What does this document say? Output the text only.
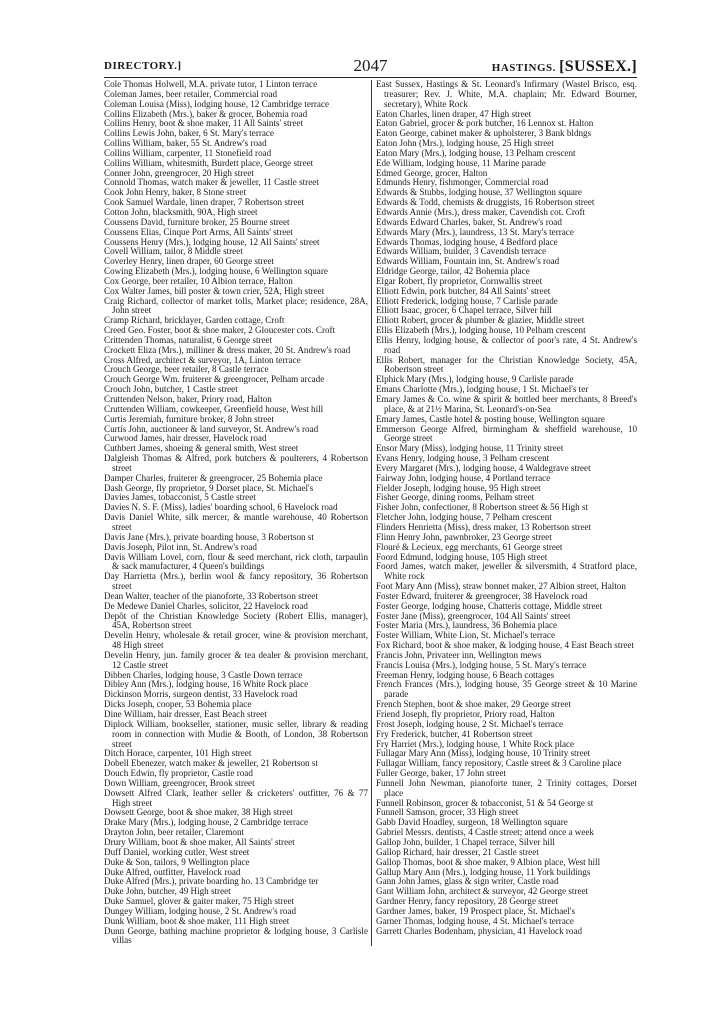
DIRECTORY.]	2047	HASTINGS. [SUSSEX.]
Cole Thomas Holwell, M.A. private tutor, 1 Linton terrace
Coleman James, beer retailer, Commercial road
Coleman Louisa (Miss), lodging house, 12 Cambridge terrace
Collins Elizabeth (Mrs.), baker & grocer, Bohemia road
Collins Henry, boot & shoe maker, 11 All Saints' street
Collins Lewis John, baker, 6 St. Mary's terrace
Collins William, baker, 55 St. Andrew's road
Collins William, carpenter, 11 Stonefield road
Collins William, whitesmith, Burdett place, George street
Conner John, greengrocer, 20 High street
Connold Thomas, watch maker & jeweller, 11 Castle street
Cook John Henry, baker, 8 Stone street
Cook Samuel Wardale, linen draper, 7 Robertson street
Cotton John, blacksmith, 90A, High street
Coussens David, furniture broker, 25 Bourne street
Coussens Elias, Cinque Port Arms, All Saints' street
Coussens Henry (Mrs.), lodging house, 12 All Saints' street
Covell William, tailor, 8 Middle street
Coverley Henry, linen draper, 60 George street
Cowing Elizabeth (Mrs.), lodging house, 6 Wellington square
Cox George, beer retailer, 10 Albion terrace, Halton
Cox Walter James, bill poster & town crier, 52A, High street
Craig Richard, collector of market tolls, Market place; residence, 28A, John street
Cramp Richard, bricklayer, Garden cottage, Croft
Creed Geo. Foster, boot & shoe maker, 2 Gloucester cots. Croft
Crittenden Thomas, naturalist, 6 George street
Crockett Eliza (Mrs.), milliner & dress maker, 20 St. Andrew's road
Cross Alfred, architect & surveyor, 1A, Linton terrace
Crouch George, beer retailer, 8 Castle terrace
Crouch George Wm. fruiterer & greengrocer, Pelham arcade
Crouch John, butcher, 1 Castle street
Cruttenden Nelson, baker, Priory road, Halton
Cruttenden William, cowkeeper, Greenfield house, West hill
Curtis Jeremiah, furniture broker, 8 John street
Curtis John, auctioneer & land surveyor, St. Andrew's road
Curwood James, hair dresser, Havelock road
Cuthbert James, shoeing & general smith, West street
Dalgleish Thomas & Alfred, pork butchers & poulterers, 4 Robertson street
Damper Charles, fruiterer & greengrocer, 25 Bohemia place
Dash George, fly proprietor, 9 Dorset place, St. Michael's
Davies James, tobacconist, 5 Castle street
Davies N. S. F. (Miss), ladies' boarding school, 6 Havelock road
Davis Daniel White, silk mercer, & mantle warehouse, 40 Robertson street
Davis Jane (Mrs.), private boarding house, 3 Robertson st
Davis Joseph, Pilot inn, St. Andrew's road
Davis William Lovel, corn, flour & seed merchant, rick cloth, tarpaulin & sack manufacturer, 4 Queen's buildings
Day Harrietta (Mrs.), berlin wool & fancy repository, 36 Robertson street
Dean Walter, teacher of the pianoforte, 33 Robertson street
De Medewe Daniel Charles, solicitor, 22 Havelock road
Depôt of the Christian Knowledge Society (Robert Ellis, manager), 45A, Robertson street
Develin Henry, wholesale & retail grocer, wine & provision merchant, 48 High street
Develin Henry, jun. family grocer & tea dealer & provision merchant, 12 Castle street
Dibben Charles, lodging house, 3 Castle Down terrace
Dibley Ann (Mrs.), lodging house, 16 White Rock place
Dickinson Morris, surgeon dentist, 33 Havelock road
Dicks Joseph, cooper, 53 Bohemia place
Dine William, hair dresser, East Beach street
Diplock William, bookseller, stationer, music seller, library & reading room in connection with Mudie & Booth, of London, 38 Robertson street
Ditch Horace, carpenter, 101 High street
Dobell Ebenezer, watch maker & jeweller, 21 Robertson st
Douch Edwin, fly proprietor, Castle road
Down William, greengrocer, Brook street
Dowsett Alfred Clark, leather seller & cricketers' outfitter, 76 & 77 High street
Dowsett George, boot & shoe maker, 38 High street
Drake Mary (Mrs.), lodging house, 2 Cambridge terrace
Drayton John, beer retailer, Claremont
Drury William, boot & shoe maker, All Saints' street
Duff Daniel, working cutler, West street
Duke & Son, tailors, 9 Wellington place
Duke Alfred, outfitter, Havelock road
Duke Alfred (Mrs.), private boarding ho. 13 Cambridge ter
Duke John, butcher, 49 High street
Duke Samuel, glover & gaiter maker, 75 High street
Dungey William, lodging house, 2 St. Andrew's road
Dunk William, boot & shoe maker, 111 High street
Dunn George, bathing machine proprietor & lodging house, 3 Carlisle villas
East Sussex, Hastings & St. Leonard's Infirmary (Wastel Brisco, esq. treasurer; Rev. J. White, M.A. chaplain; Mr. Edward Bourner, secretary), White Rock
Eaton Charles, linen draper, 47 High street
Eaton Gabriel, grocer & pork butcher, 16 Lennox st. Halton
Eaton George, cabinet maker & upholsterer, 3 Bank bldngs
Eaton John (Mrs.), lodging house, 25 High street
Eaton Mary (Mrs.), lodging house, 13 Pelham crescent
Ede William, lodging house, 11 Marine parade
Edmed George, grocer, Halton
Edmunds Henry, fishmonger, Commercial road
Edwards & Stubbs, lodging house, 37 Wellington square
Edwards & Todd, chemists & druggists, 16 Robertson street
Edwards Annie (Mrs.), dress maker, Cavendish cot. Croft
Edwards Edward Charles, baker, St. Andrew's road
Edwards Mary (Mrs.), laundress, 13 St. Mary's terrace
Edwards Thomas, lodging house, 4 Bedford place
Edwards William, builder, 3 Cavendish terrace
Edwards William, Fountain inn, St. Andrew's road
Eldridge George, tailor, 42 Bohemia place
Elgar Robert, fly proprietor, Cornwallis street
Elliott Edwin, pork butcher, 84 All Saints' street
Elliott Frederick, lodging house, 7 Carlisle parade
Elliott Isaac, grocer, 6 Chapel terrace, Silver hill
Elliott Robert, grocer & plumber & glazier, Middle street
Ellis Elizabeth (Mrs.), lodging house, 10 Pelham crescent
Ellis Henry, lodging house, & collector of poor's rate, 4 St. Andrew's road
Ellis Robert, manager for the Christian Knowledge Society, 45A, Robertson street
Elphick Mary (Mrs.), lodging house, 9 Carlisle parade
Emans Charlotte (Mrs.), lodging house, 1 St. Michael's ter
Emary James & Co. wine & spirit & bottled beer merchants, 8 Breed's place, & at 21½ Marina, St. Leonard's-on-Sea
Emary James, Castle hotel & posting house, Wellington square
Emmerson George Alfred, birmingham & sheffield warehouse, 10 George street
Ensor Mary (Miss), lodging house, 11 Trinity street
Evans Henry, lodging house, 3 Pelham crescent
Every Margaret (Mrs.), lodging house, 4 Waldegrave street
Fairway John, lodging house, 4 Portland terrace
Fielder Joseph, lodging house, 95 High street
Fisher George, dining rooms, Pelham street
Fisher John, confectioner, 8 Robertson street & 56 High st
Fletcher John, lodging house, 7 Pelham crescent
Flinders Henrietta (Miss), dress maker, 13 Robertson street
Flinn Henry John, pawnbroker, 23 George street
Flouré & Lecieux, egg merchants, 61 George street
Foord Edmund, lodging house, 105 High street
Foord James, watch maker, jeweller & silversmith, 4 Stratford place, White rock
Foot Mary Ann (Miss), straw bonnet maker, 27 Albion street, Halton
Foster Edward, fruiterer & greengrocer, 38 Havelock road
Foster George, lodging house, Chatteris cottage, Middle street
Foster Jane (Miss), greengrocer, 104 All Saints' street
Foster Maria (Mrs.), laundress, 36 Bohemia place
Foster William, White Lion, St. Michael's terrace
Fox Richard, boot & shoe maker, & lodging house, 4 East Beach street
Francis John, Privateer inn, Wellington mews
Francis Louisa (Mrs.), lodging house, 5 St. Mary's terrace
Freeman Henry, lodging house, 6 Beach cottages
French Frances (Mrs.), lodging house, 35 George street & 10 Marine parade
French Stephen, boot & shoe maker, 29 George street
Friend Joseph, fly proprietor, Priory road, Halton
Frost Joseph, lodging house, 2 St. Michael's terrace
Fry Frederick, butcher, 41 Robertson street
Fry Harriet (Mrs.), lodging house, 1 White Rock place
Fullagar Mary Ann (Miss), lodging house, 10 Trinity street
Fullagar William, fancy repository, Castle street & 3 Caroline place
Fuller George, baker, 17 John street
Funnell John Newman, pianoforte tuner, 2 Trinity cottages, Dorset place
Funnell Robinson, grocer & tobacconist, 51 & 54 George st
Funnell Samson, grocer, 33 High street
Gabb David Hoadley, surgeon, 18 Wellington square
Gabriel Messrs. dentists, 4 Castle street; attend once a week
Gallop John, builder, 1 Chapel terrace, Silver hill
Gallop Richard, hair dresser, 21 Castle street
Gallop Thomas, boot & shoe maker, 9 Albion place, West hill
Gallup Mary Ann (Mrs.), lodging house, 11 York buildings
Gann John James, glass & sign writer, Castle road
Gant William John, architect & surveyor, 42 George street
Gardner Henry, fancy repository, 28 George street
Gardner James, baker, 19 Prospect place, St. Michael's
Garner Thomas, lodging house, 4 St. Michael's terrace
Garrett Charles Bodenham, physician, 41 Havelock road
